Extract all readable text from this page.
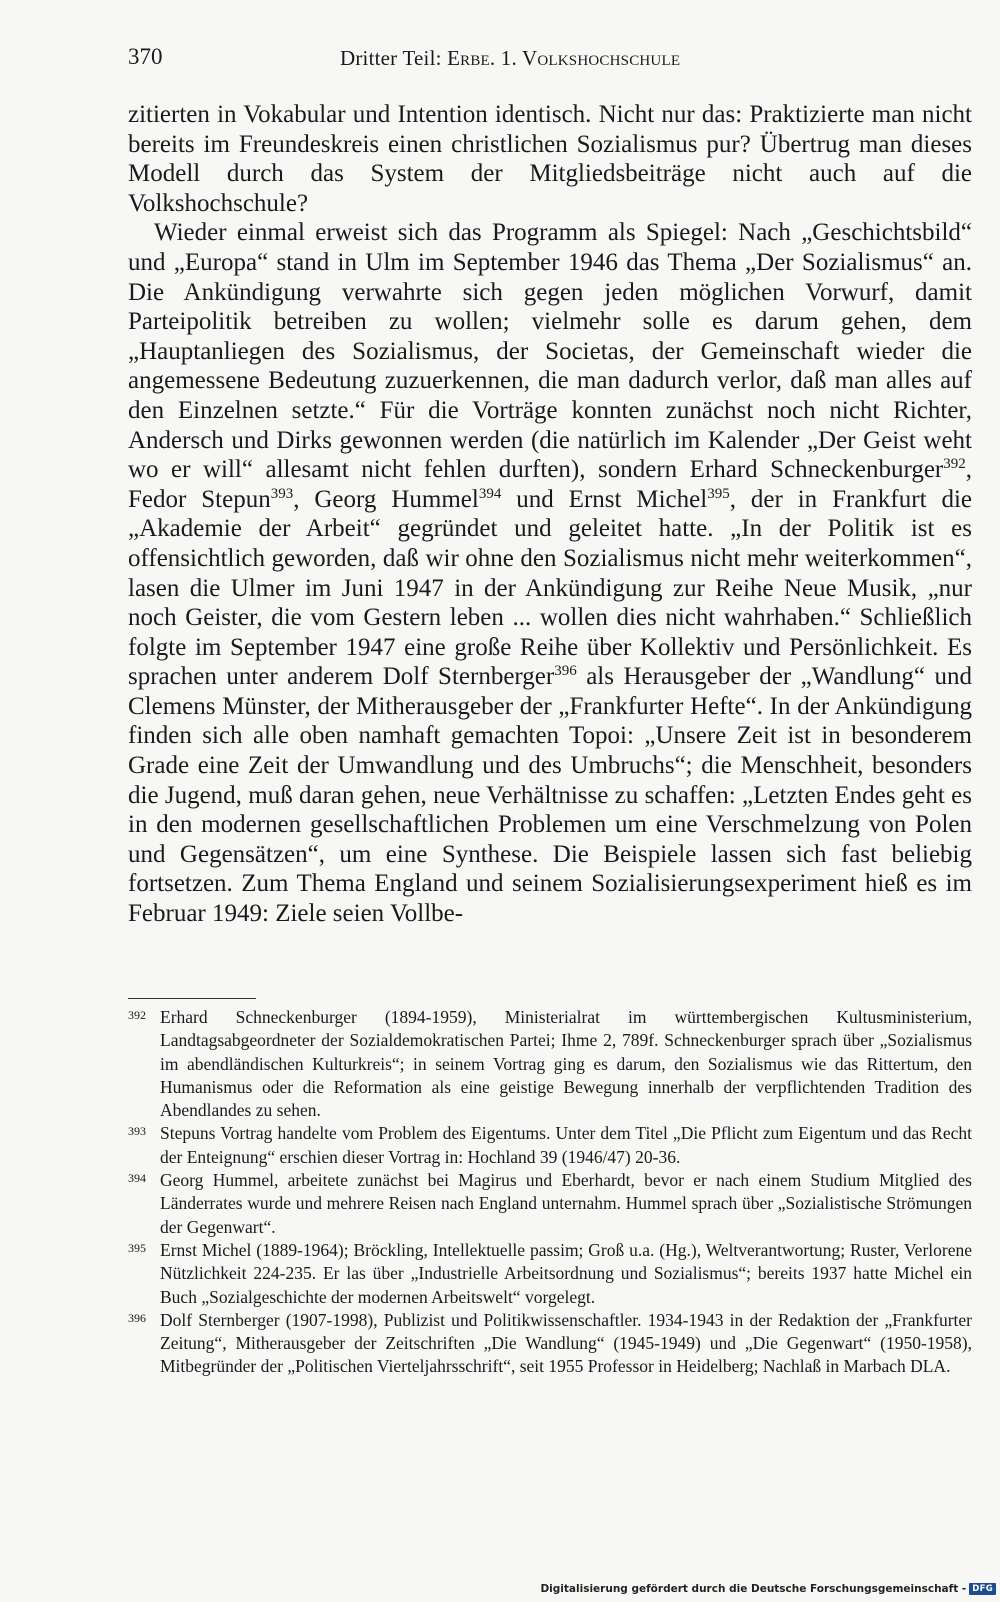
370	Dritter Teil: Erbe. 1. Volkshochschule

zitierten in Vokabular und Intention identisch. Nicht nur das: Praktizierte man nicht bereits im Freundeskreis einen christlichen Sozialismus pur? Übertrug man dieses Modell durch das System der Mitgliedsbeiträge nicht auch auf die Volkshochschule?

Wieder einmal erweist sich das Programm als Spiegel: Nach „Geschichtsbild“ und „Europa“ stand in Ulm im September 1946 das Thema „Der Sozialismus“ an. Die Ankündigung verwahrte sich gegen jeden möglichen Vorwurf, damit Parteipolitik betreiben zu wollen; vielmehr solle es darum gehen, dem „Hauptanliegen des Sozialismus, der Societas, der Gemeinschaft wieder die angemessene Bedeutung zuzuerkennen, die man dadurch verlor, daß man alles auf den Einzelnen setzte.“ Für die Vorträge konnten zunächst noch nicht Richter, Andersch und Dirks gewonnen werden (die natürlich im Kalender „Der Geist weht wo er will“ allesamt nicht fehlen durften), sondern Erhard Schneckenburger$^{392}$, Fedor Stepun$^{393}$, Georg Hummel$^{394}$ und Ernst Michel$^{395}$, der in Frankfurt die „Akademie der Arbeit“ gegründet und geleitet hatte. „In der Politik ist es offensichtlich geworden, daß wir ohne den Sozialismus nicht mehr weiterkommen“, lasen die Ulmer im Juni 1947 in der Ankündigung zur Reihe Neue Musik, „nur noch Geister, die vom Gestern leben ... wollen dies nicht wahrhaben.“ Schließlich folgte im September 1947 eine große Reihe über Kollektiv und Persönlichkeit. Es sprachen unter anderem Dolf Sternberger$^{396}$ als Herausgeber der „Wandlung“ und Clemens Münster, der Mitherausgeber der „Frankfurter Hefte“. In der Ankündigung finden sich alle oben namhaft gemachten Topoi: „Unsere Zeit ist in besonderem Grade eine Zeit der Umwandlung und des Umbruchs“; die Menschheit, besonders die Jugend, muß daran gehen, neue Verhältnisse zu schaffen: „Letzten Endes geht es in den modernen gesellschaftlichen Problemen um eine Verschmelzung von Polen und Gegensätzen“, um eine Synthese. Die Beispiele lassen sich fast beliebig fortsetzen. Zum Thema England und seinem Sozialisierungsexperiment hieß es im Februar 1949: Ziele seien Vollbe-

392 Erhard Schneckenburger (1894-1959), Ministerialrat im württembergischen Kultusministerium, Landtagsabgeordneter der Sozialdemokratischen Partei; Ihme 2, 789f. Schneckenburger sprach über „Sozialismus im abendländischen Kulturkreis“; in seinem Vortrag ging es darum, den Sozialismus wie das Rittertum, den Humanismus oder die Reformation als eine geistige Bewegung innerhalb der verpflichtenden Tradition des Abendlandes zu sehen.

393 Stepuns Vortrag handelte vom Problem des Eigentums. Unter dem Titel „Die Pflicht zum Eigentum und das Recht der Enteignung“ erschien dieser Vortrag in: Hochland 39 (1946/47) 20-36.

394 Georg Hummel, arbeitete zunächst bei Magirus und Eberhardt, bevor er nach einem Studium Mitglied des Länderrates wurde und mehrere Reisen nach England unternahm. Hummel sprach über „Sozialistische Strömungen der Gegenwart“.

395 Ernst Michel (1889-1964); Bröckling, Intellektuelle passim; Groß u.a. (Hg.), Weltverantwortung; Ruster, Verlorene Nützlichkeit 224-235. Er las über „Industrielle Arbeitsordnung und Sozialismus“; bereits 1937 hatte Michel ein Buch „Sozialgeschichte der modernen Arbeitswelt“ vorgelegt.

396 Dolf Sternberger (1907-1998), Publizist und Politikwissenschaftler. 1934-1943 in der Redaktion der „Frankfurter Zeitung“, Mitherausgeber der Zeitschriften „Die Wandlung“ (1945-1949) und „Die Gegenwart“ (1950-1958), Mitbegründer der „Politischen Vierteljahrsschrift“, seit 1955 Professor in Heidelberg; Nachlaß in Marbach DLA.

Digitalisierung gefördert durch die Deutsche Forschungsgemeinschaft - DFG
